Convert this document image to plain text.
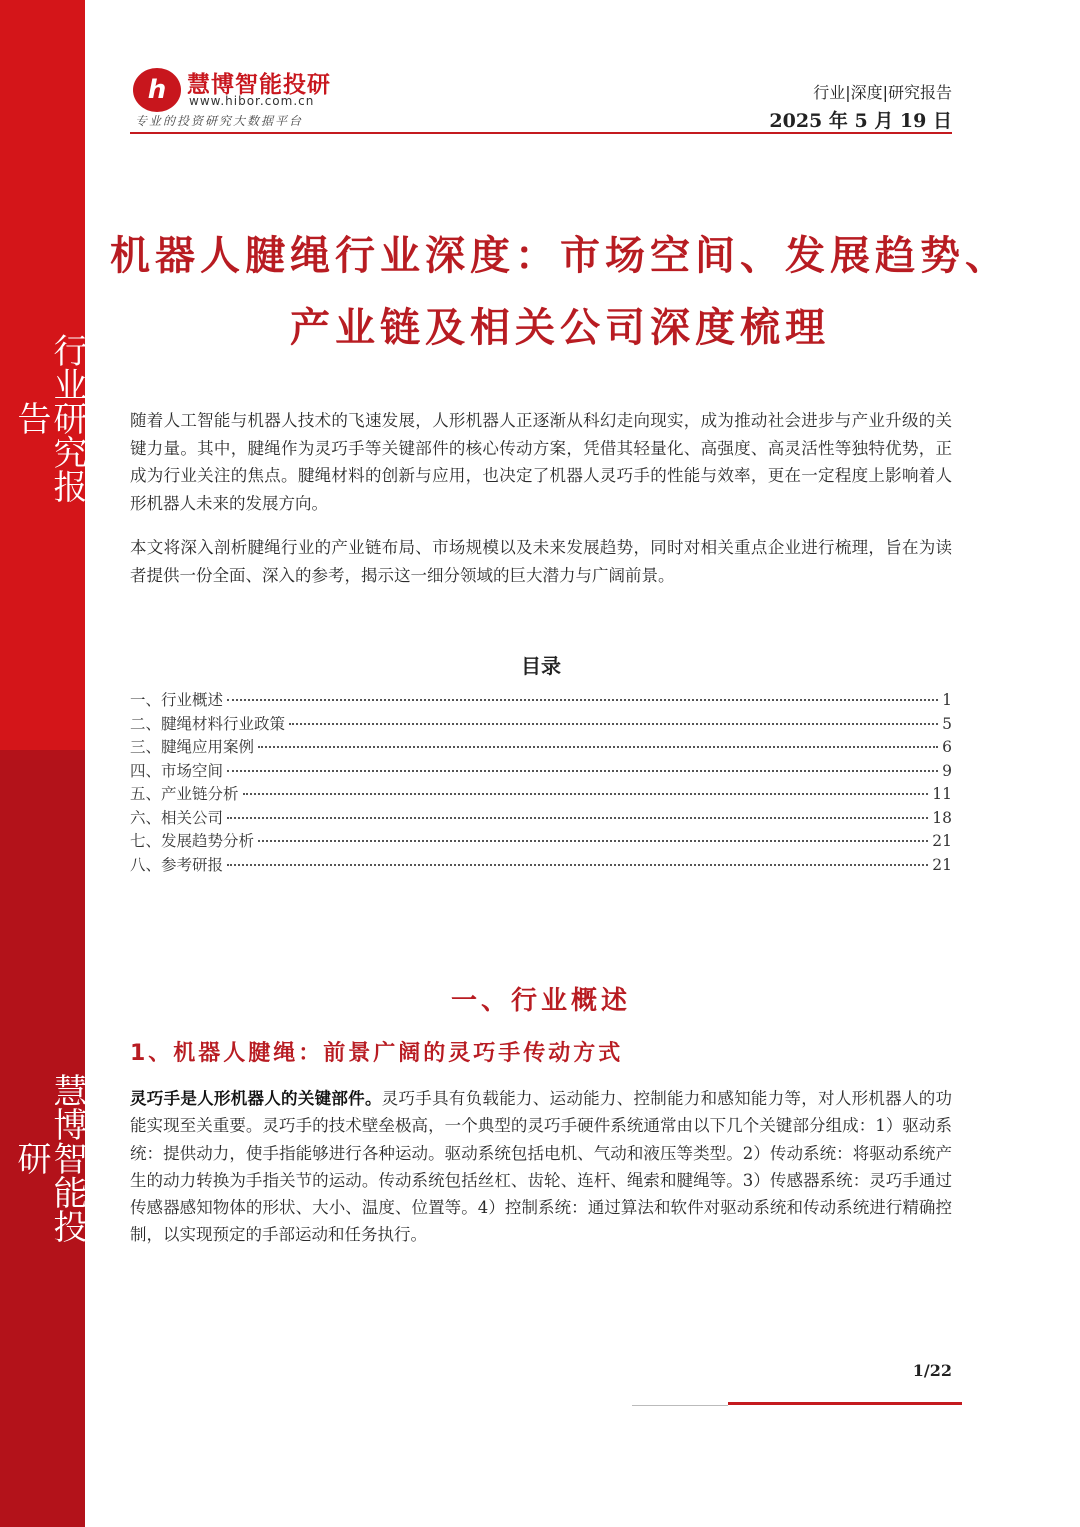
行业研究报告
慧博智能投研
h 慧博智能投研
www.hibor.com.cn
专业的投资研究大数据平台
行业|深度|研究报告
2025 年 5 月 19 日
机器人腱绳行业深度：市场空间、发展趋势、
产业链及相关公司深度梳理
随着人工智能与机器人技术的飞速发展，人形机器人正逐渐从科幻走向现实，成为推动社会进步与产业升级的关键力量。其中，腱绳作为灵巧手等关键部件的核心传动方案，凭借其轻量化、高强度、高灵活性等独特优势，正成为行业关注的焦点。腱绳材料的创新与应用，也决定了机器人灵巧手的性能与效率，更在一定程度上影响着人形机器人未来的发展方向。
本文将深入剖析腱绳行业的产业链布局、市场规模以及未来发展趋势，同时对相关重点企业进行梳理，旨在为读者提供一份全面、深入的参考，揭示这一细分领域的巨大潜力与广阔前景。
目录
一、行业概述	1
二、腱绳材料行业政策	5
三、腱绳应用案例	6
四、市场空间	9
五、产业链分析	11
六、相关公司	18
七、发展趋势分析	21
八、参考研报	21
一、行业概述
1、机器人腱绳：前景广阔的灵巧手传动方式
灵巧手是人形机器人的关键部件。灵巧手具有负载能力、运动能力、控制能力和感知能力等，对人形机器人的功能实现至关重要。灵巧手的技术壁垒极高，一个典型的灵巧手硬件系统通常由以下几个关键部分组成：1）驱动系统：提供动力，使手指能够进行各种运动。驱动系统包括电机、气动和液压等类型。2）传动系统：将驱动系统产生的动力转换为手指关节的运动。传动系统包括丝杠、齿轮、连杆、绳索和腱绳等。3）传感器系统：灵巧手通过传感器感知物体的形状、大小、温度、位置等。4）控制系统：通过算法和软件对驱动系统和传动系统进行精确控制，以实现预定的手部运动和任务执行。
1/22
